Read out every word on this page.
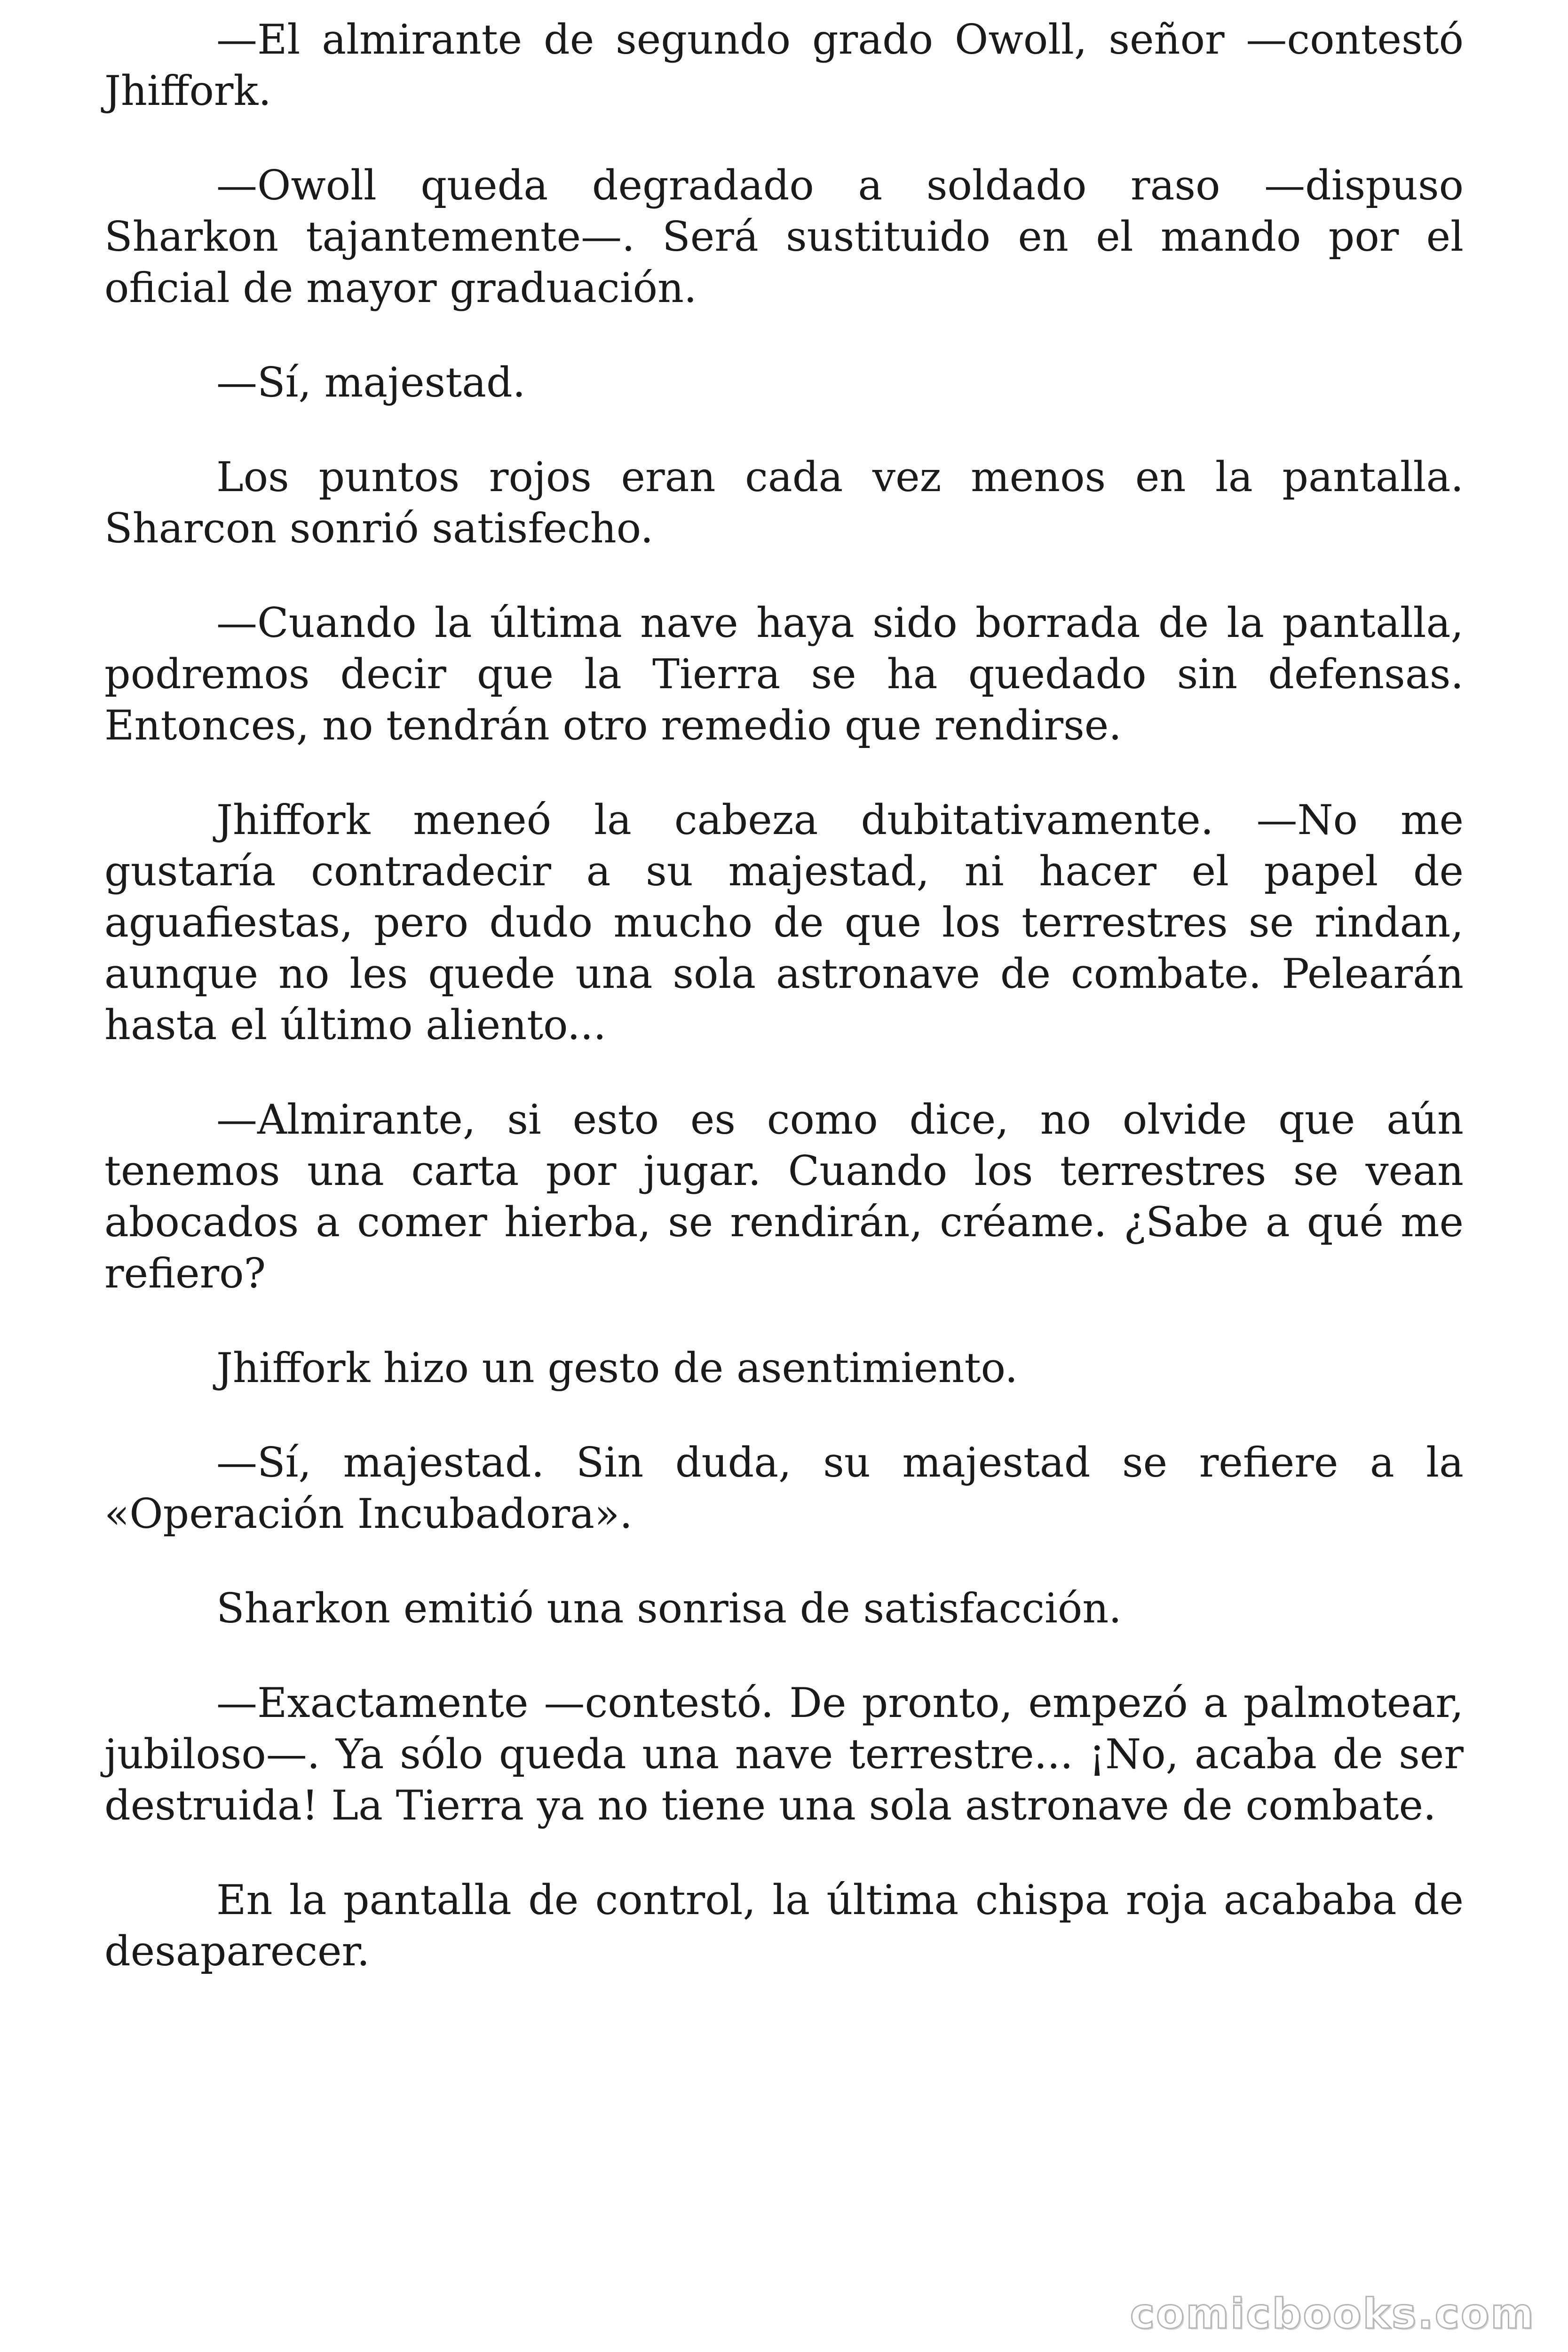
—El almirante de segundo grado Owoll, señor —contestó Jhiffork.

—Owoll queda degradado a soldado raso —dispuso Sharkon tajantemente—. Será sustituido en el mando por el oficial de mayor graduación.

—Sí, majestad.

Los puntos rojos eran cada vez menos en la pantalla. Sharcon sonrió satisfecho.

—Cuando la última nave haya sido borrada de la pantalla, podremos decir que la Tierra se ha quedado sin defensas. Entonces, no tendrán otro remedio que rendirse.

Jhiffork meneó la cabeza dubitativamente. —No me gustaría contradecir a su majestad, ni hacer el papel de aguafiestas, pero dudo mucho de que los terrestres se rindan, aunque no les quede una sola astronave de combate. Pelearán hasta el último aliento...

—Almirante, si esto es como dice, no olvide que aún tenemos una carta por jugar. Cuando los terrestres se vean abocados a comer hierba, se rendirán, créame. ¿Sabe a qué me refiero?

Jhiffork hizo un gesto de asentimiento.

—Sí, majestad. Sin duda, su majestad se refiere a la «Operación Incubadora».

Sharkon emitió una sonrisa de satisfacción.

—Exactamente —contestó. De pronto, empezó a palmotear, jubiloso—. Ya sólo queda una nave terrestre... ¡No, acaba de ser destruida! La Tierra ya no tiene una sola astronave de combate.

En la pantalla de control, la última chispa roja acababa de desaparecer.

comicbooks.com
